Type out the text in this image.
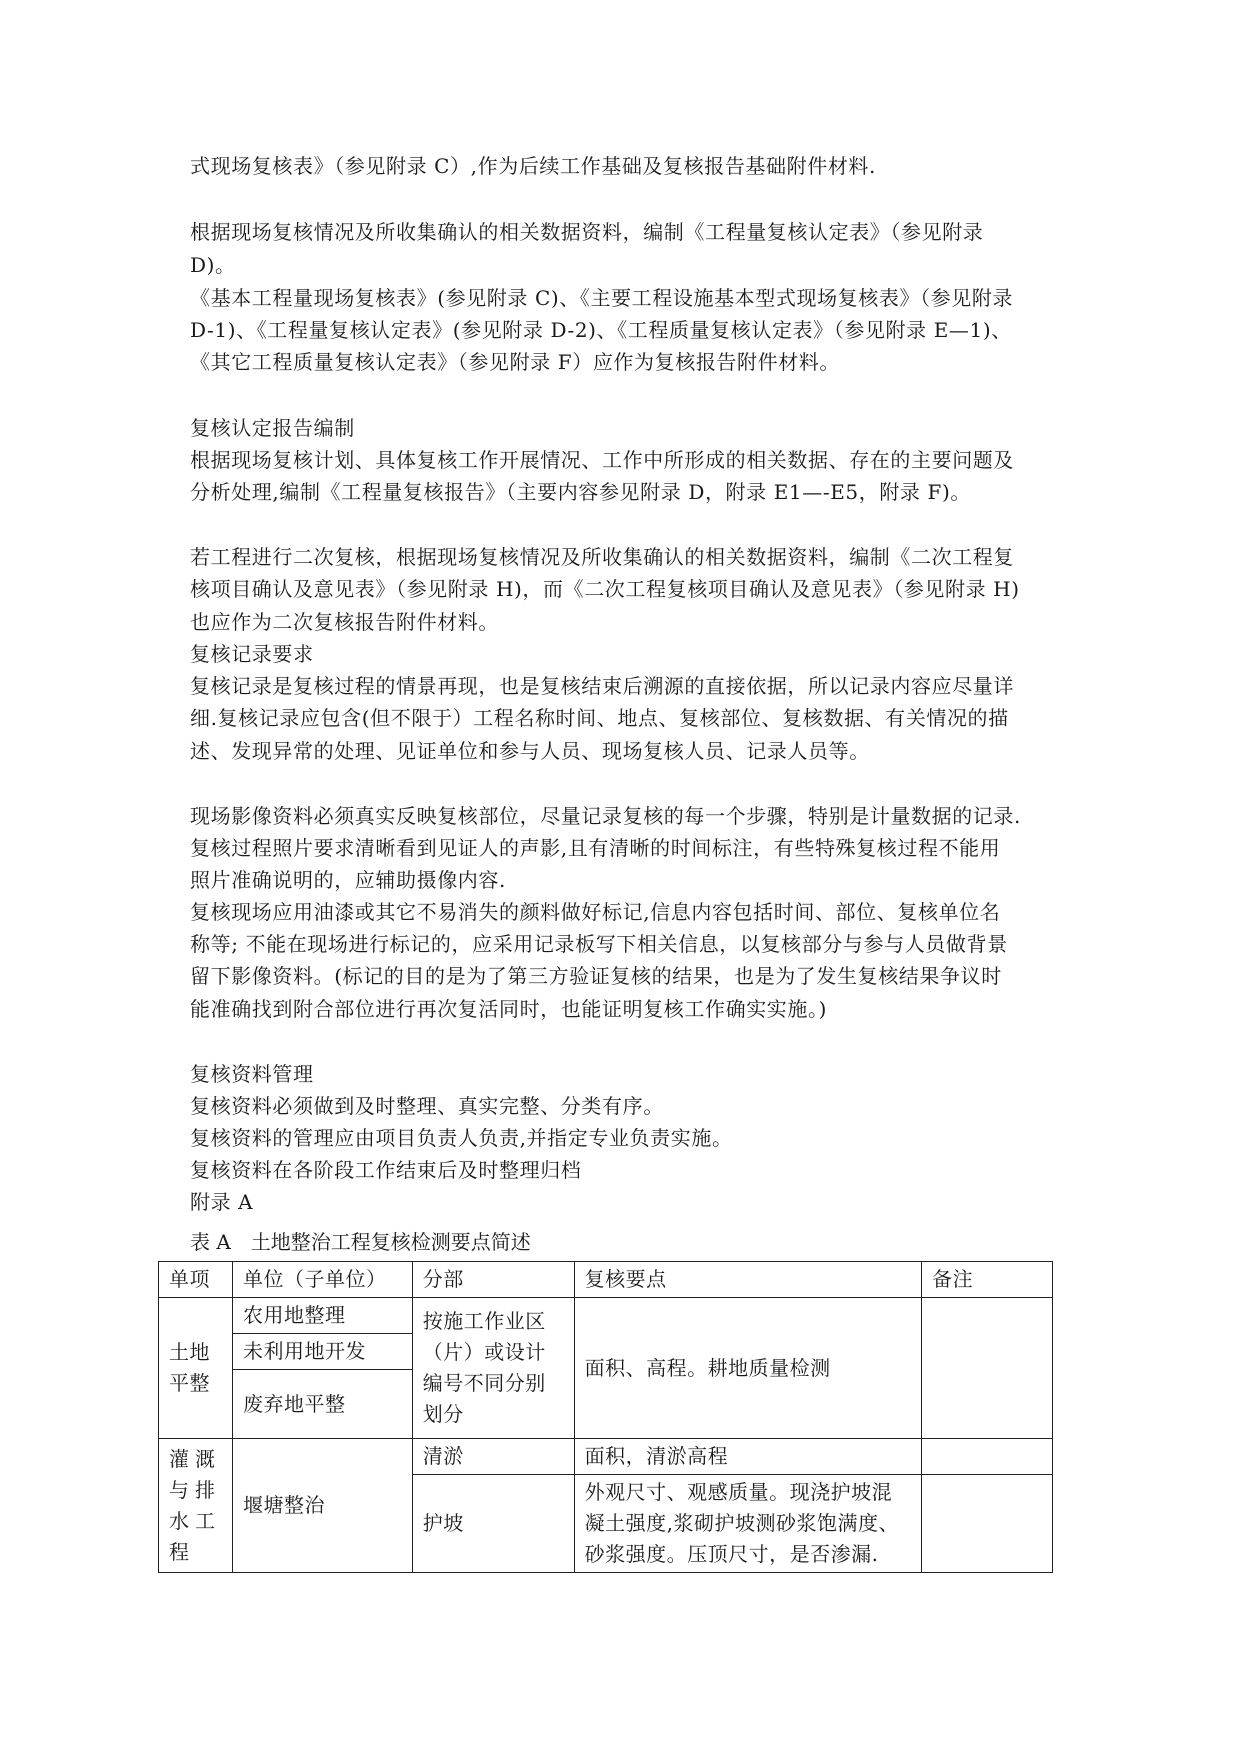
式现场复核表》（参见附录 C）,作为后续工作基础及复核报告基础附件材料.
根据现场复核情况及所收集确认的相关数据资料，编制《工程量复核认定表》（参见附录
D)。
《基本工程量现场复核表》(参见附录 C)、《主要工程设施基本型式现场复核表》（参见附录
D-1)、《工程量复核认定表》(参见附录 D-2)、《工程质量复核认定表》（参见附录 E—1)、
《其它工程质量复核认定表》（参见附录 F）应作为复核报告附件材料。
复核认定报告编制
根据现场复核计划、具体复核工作开展情况、工作中所形成的相关数据、存在的主要问题及
分析处理,编制《工程量复核报告》（主要内容参见附录 D，附录 E1—-E5，附录 F)。
若工程进行二次复核，根据现场复核情况及所收集确认的相关数据资料，编制《二次工程复
核项目确认及意见表》（参见附录 H)，而《二次工程复核项目确认及意见表》（参见附录 H)
也应作为二次复核报告附件材料。
复核记录要求
复核记录是复核过程的情景再现，也是复核结束后溯源的直接依据，所以记录内容应尽量详
细.复核记录应包含(但不限于）工程名称时间、地点、复核部位、复核数据、有关情况的描
述、发现异常的处理、见证单位和参与人员、现场复核人员、记录人员等。
现场影像资料必须真实反映复核部位，尽量记录复核的每一个步骤，特别是计量数据的记录.
复核过程照片要求清晰看到见证人的声影,且有清晰的时间标注，有些特殊复核过程不能用
照片准确说明的，应辅助摄像内容.
复核现场应用油漆或其它不易消失的颜料做好标记,信息内容包括时间、部位、复核单位名
称等; 不能在现场进行标记的，应采用记录板写下相关信息，以复核部分与参与人员做背景
留下影像资料。(标记的目的是为了第三方验证复核的结果，也是为了发生复核结果争议时
能准确找到附合部位进行再次复活同时，也能证明复核工作确实实施。)
复核资料管理
复核资料必须做到及时整理、真实完整、分类有序。
复核资料的管理应由项目负责人负责,并指定专业负责实施。
复核资料在各阶段工作结束后及时整理归档
附录 A
表 A　土地整治工程复核检测要点简述
单项	单位（子单位）	分部	复核要点	备注
土地平整	农用地整理	按施工作业区（片）或设计编号不同分别划分	面积、高程。耕地质量检测	
	未利用地开发			
	废弃地平整			
灌溉与排水工程	堰塘整治	清淤	面积，清淤高程	
		护坡	外观尺寸、观感质量。现浇护坡混凝土强度,浆砌护坡测砂浆饱满度、砂浆强度。压顶尺寸，是否渗漏.	
